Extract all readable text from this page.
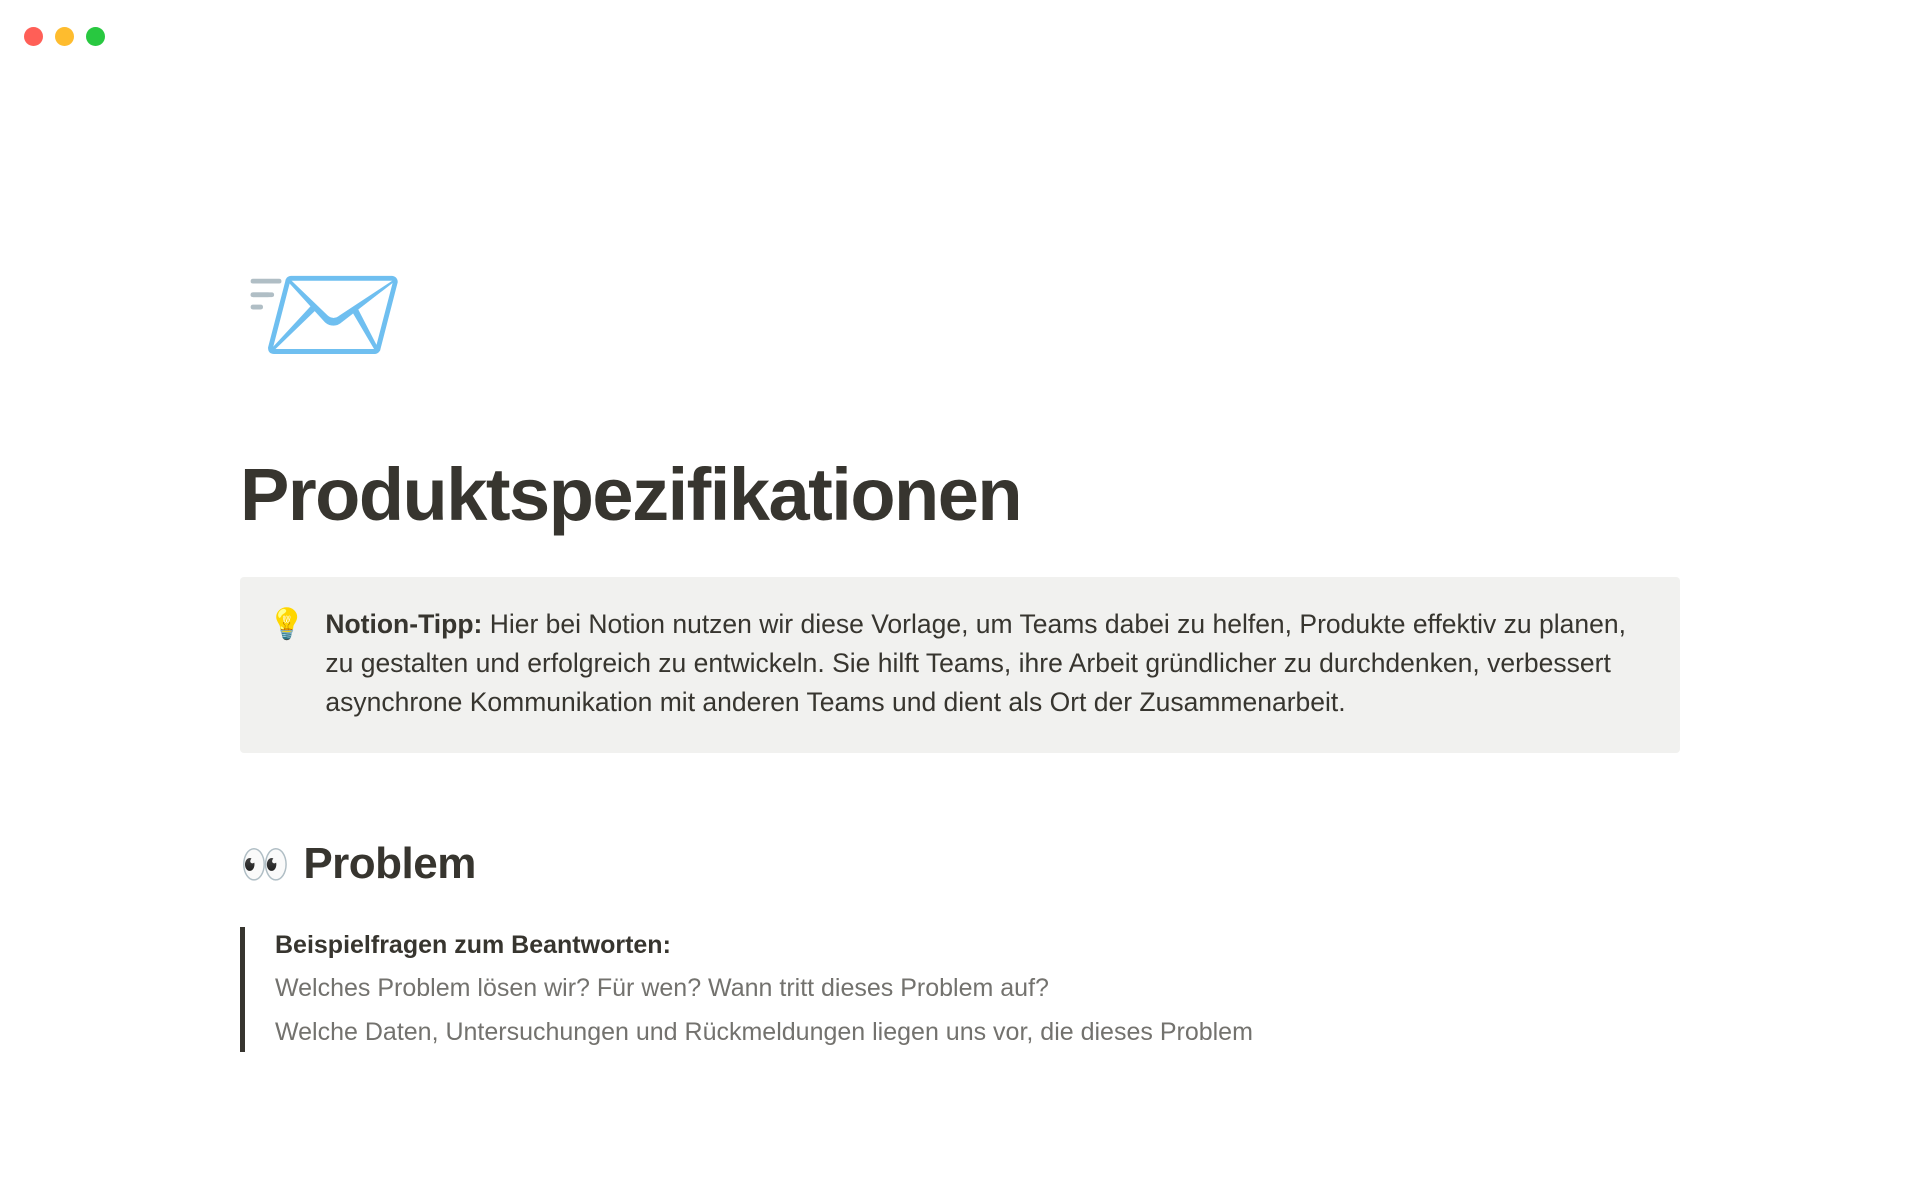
📨
Produktspezifikationen
💡 Notion-Tipp: Hier bei Notion nutzen wir diese Vorlage, um Teams dabei zu helfen, Produkte effektiv zu planen, zu gestalten und erfolgreich zu entwickeln. Sie hilft Teams, ihre Arbeit gründlicher zu durchdenken, verbessert asynchrone Kommunikation mit anderen Teams und dient als Ort der Zusammenarbeit.
👀 Problem
Beispielfragen zum Beantworten:
Welches Problem lösen wir? Für wen? Wann tritt dieses Problem auf?
Welche Daten, Untersuchungen und Rückmeldungen liegen uns vor, die dieses Problem
